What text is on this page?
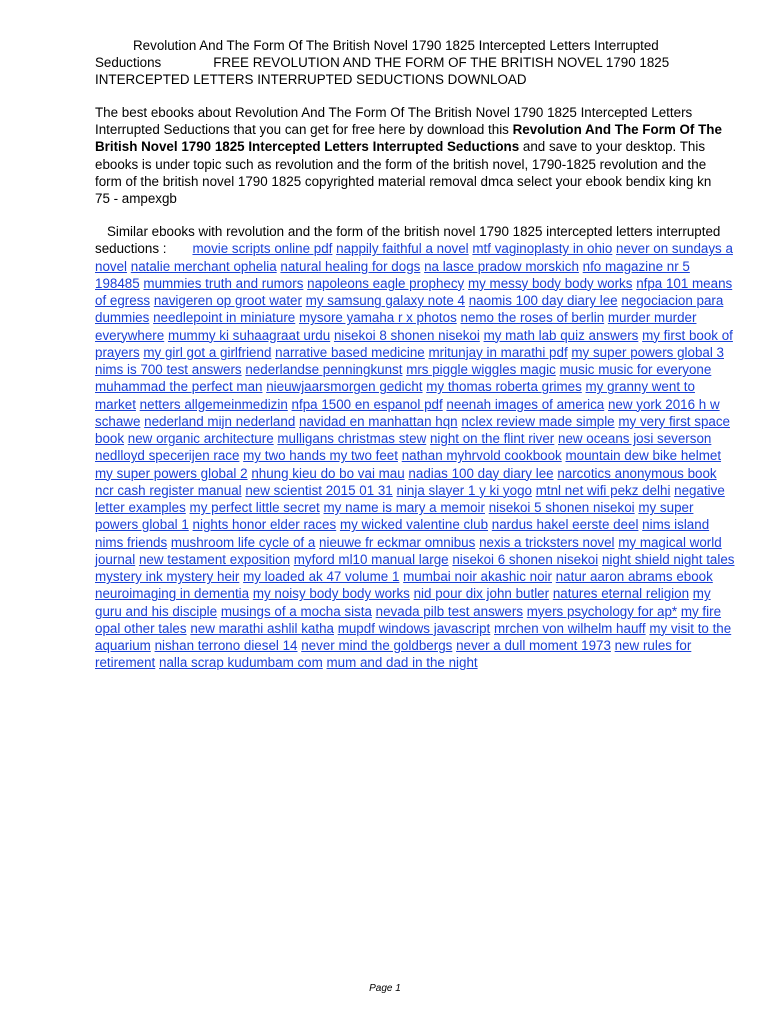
Revolution And The Form Of The British Novel 1790 1825 Intercepted Letters Interrupted
Seductions	FREE REVOLUTION AND THE FORM OF THE BRITISH NOVEL 1790 1825
INTERCEPTED LETTERS INTERRUPTED SEDUCTIONS DOWNLOAD
The best ebooks about Revolution And The Form Of The British Novel 1790 1825 Intercepted Letters Interrupted Seductions that you can get for free here by download this Revolution And The Form Of The British Novel 1790 1825 Intercepted Letters Interrupted Seductions and save to your desktop. This ebooks is under topic such as revolution and the form of the british novel, 1790-1825 revolution and the form of the british novel 1790 1825 copyrighted material removal dmca select your ebook bendix king kn 75 - ampexgb
Similar ebooks with revolution and the form of the british novel 1790 1825 intercepted letters interrupted seductions : movie scripts online pdf nappily faithful a novel mtf vaginoplasty in ohio never on sundays a novel natalie merchant ophelia natural healing for dogs na lasce pradow morskich nfo magazine nr 5 198485 mummies truth and rumors napoleons eagle prophecy my messy body body works nfpa 101 means of egress navigeren op groot water my samsung galaxy note 4 naomis 100 day diary lee negociacion para dummies needlepoint in miniature mysore yamaha r x photos nemo the roses of berlin murder murder everywhere mummy ki suhaagraat urdu nisekoi 8 shonen nisekoi my math lab quiz answers my first book of prayers my girl got a girlfriend narrative based medicine mritunjay in marathi pdf my super powers global 3 nims is 700 test answers nederlandse penningkunst mrs piggle wiggles magic music music for everyone muhammad the perfect man nieuwjaarsmorgen gedicht my thomas roberta grimes my granny went to market netters allgemeinmedizin nfpa 1500 en espanol pdf neenah images of america new york 2016 h w schawe nederland mijn nederland navidad en manhattan hqn nclex review made simple my very first space book new organic architecture mulligans christmas stew night on the flint river new oceans josi severson nedlloyd specerijen race my two hands my two feet nathan myhrvold cookbook mountain dew bike helmet my super powers global 2 nhung kieu do bo vai mau nadias 100 day diary lee narcotics anonymous book ncr cash register manual new scientist 2015 01 31 ninja slayer 1 y ki yogo mtnl net wifi pekz delhi negative letter examples my perfect little secret my name is mary a memoir nisekoi 5 shonen nisekoi my super powers global 1 nights honor elder races my wicked valentine club nardus hakel eerste deel nims island nims friends mushroom life cycle of a nieuwe fr eckmar omnibus nexis a tricksters novel my magical world journal new testament exposition myford ml10 manual large nisekoi 6 shonen nisekoi night shield night tales mystery ink mystery heir my loaded ak 47 volume 1 mumbai noir akashic noir natur aaron abrams ebook neuroimaging in dementia my noisy body body works nid pour dix john butler natures eternal religion my guru and his disciple musings of a mocha sista nevada pilb test answers myers psychology for ap* my fire opal other tales new marathi ashlil katha mupdf windows javascript mrchen von wilhelm hauff my visit to the aquarium nishan terrono diesel 14 never mind the goldbergs never a dull moment 1973 new rules for retirement nalla scrap kudumbam com mum and dad in the night
Page 1
